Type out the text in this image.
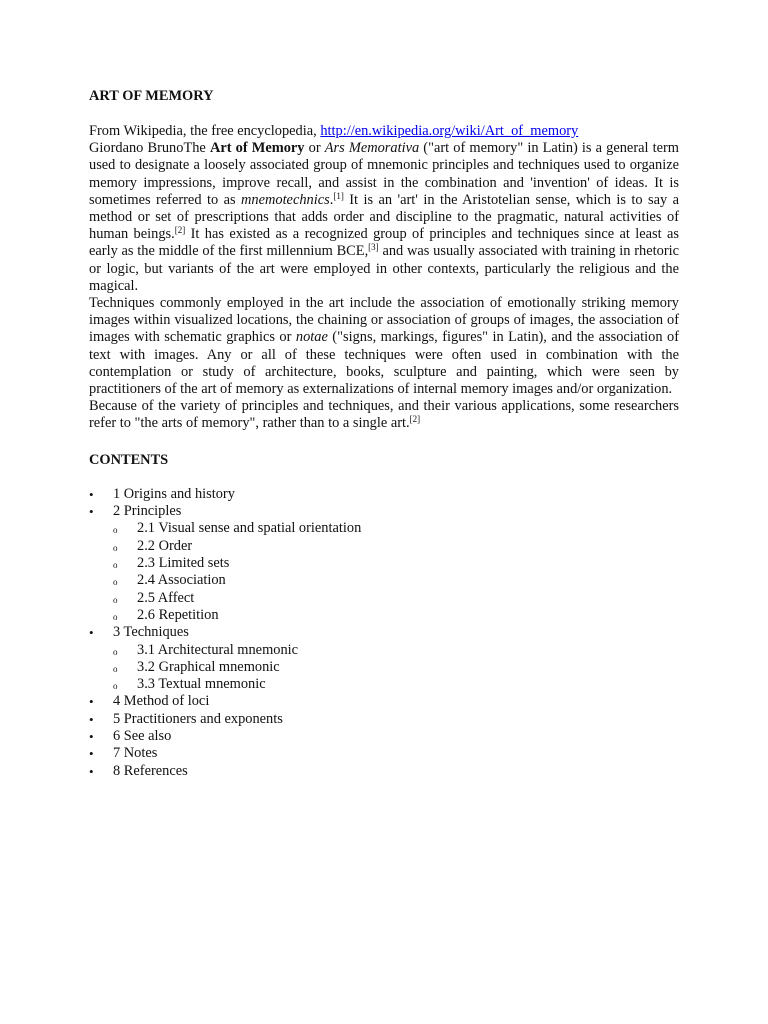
ART OF MEMORY
From Wikipedia, the free encyclopedia, http://en.wikipedia.org/wiki/Art_of_memory

Giordano BrunoThe Art of Memory or Ars Memorativa ("art of memory" in Latin) is a general term used to designate a loosely associated group of mnemonic principles and techniques used to organize memory impressions, improve recall, and assist in the combination and 'invention' of ideas. It is sometimes referred to as mnemotechnics.[1] It is an 'art' in the Aristotelian sense, which is to say a method or set of prescriptions that adds order and discipline to the pragmatic, natural activities of human beings.[2] It has existed as a recognized group of principles and techniques since at least as early as the middle of the first millennium BCE,[3] and was usually associated with training in rhetoric or logic, but variants of the art were employed in other contexts, particularly the religious and the magical.

Techniques commonly employed in the art include the association of emotionally striking memory images within visualized locations, the chaining or association of groups of images, the association of images with schematic graphics or notae ("signs, markings, figures" in Latin), and the association of text with images. Any or all of these techniques were often used in combination with the contemplation or study of architecture, books, sculpture and painting, which were seen by practitioners of the art of memory as externalizations of internal memory images and/or organization.

Because of the variety of principles and techniques, and their various applications, some researchers refer to "the arts of memory", rather than to a single art.[2]

CONTENTS
•	1 Origins and history
•	2 Principles
o	2.1 Visual sense and spatial orientation
o	2.2 Order
o	2.3 Limited sets
o	2.4 Association
o	2.5 Affect
o	2.6 Repetition
•	3 Techniques
o	3.1 Architectural mnemonic
o	3.2 Graphical mnemonic
o	3.3 Textual mnemonic
•	4 Method of loci
•	5 Practitioners and exponents
•	6 See also
•	7 Notes
•	8 References
